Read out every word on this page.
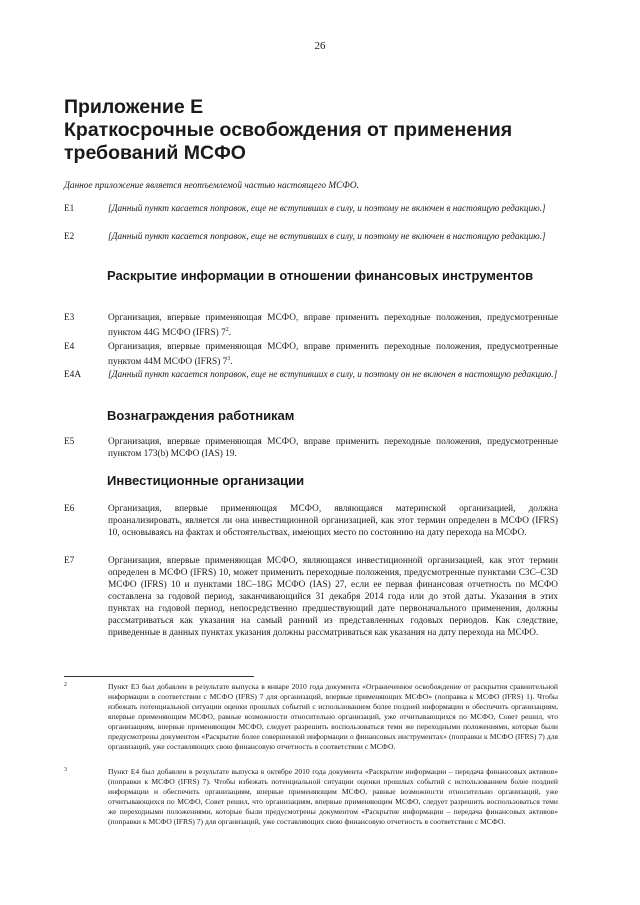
26
Приложение Е
Краткосрочные освобождения от применения
требований МСФО
Данное приложение является неотъемлемой частью настоящего МСФО.
E1	[Данный пункт касается поправок, еще не вступивших в силу, и поэтому не включен в настоящую редакцию.]
E2	[Данный пункт касается поправок, еще не вступивших в силу, и поэтому не включен в настоящую редакцию.]
Раскрытие информации в отношении финансовых инструментов
E3	Организация, впервые применяющая МСФО, вправе применить переходные положения, предусмотренные пунктом 44G МСФО (IFRS) $7^2$.
E4	Организация, впервые применяющая МСФО, вправе применить переходные положения, предусмотренные пунктом 44M МСФО (IFRS) $7^3$.
E4A	[Данный пункт касается поправок, еще не вступивших в силу, и поэтому он не включен в настоящую редакцию.]
Вознаграждения работникам
E5	Организация, впервые применяющая МСФО, вправе применить переходные положения, предусмотренные пунктом 173(b) МСФО (IAS) 19.
Инвестиционные организации
E6	Организация, впервые применяющая МСФО, являющаяся материнской организацией, должна проанализировать, является ли она инвестиционной организацией, как этот термин определен в МСФО (IFRS) 10, основываясь на фактах и обстоятельствах, имеющих место по состоянию на дату перехода на МСФО.
E7	Организация, впервые применяющая МСФО, являющаяся инвестиционной организацией, как этот термин определен в МСФО (IFRS) 10, может применить переходные положения, предусмотренные пунктами C3C–C3D МСФО (IFRS) 10 и пунктами 18C–18G МСФО (IAS) 27, если ее первая финансовая отчетность по МСФО составлена за годовой период, заканчивающийся 31 декабря 2014 года или до этой даты. Указания в этих пунктах на годовой период, непосредственно предшествующий дате первоначального применения, должны рассматриваться как указания на самый ранний из представленных годовых периодов. Как следствие, приведенные в данных пунктах указания должны рассматриваться как указания на дату перехода на МСФО.
2	Пункт E3 был добавлен в результате выпуска в январе 2010 года документа «Ограниченное освобождение от раскрытия сравнительной информации в соответствии с МСФО (IFRS) 7 для организаций, впервые применяющих МСФО» (поправка к МСФО (IFRS) 1). Чтобы избежать потенциальной ситуации оценки прошлых событий с использованием более поздней информации и обеспечить организациям, впервые применяющим МСФО, равные возможности относительно организаций, уже отчитывающихся по МСФО, Совет решил, что организациям, впервые применяющим МСФО, следует разрешить воспользоваться теми же переходными положениями, которые были предусмотрены документом «Раскрытие более совершенной информации о финансовых инструментах» (поправки к МСФО (IFRS) 7) для организаций, уже составляющих свою финансовую отчетность в соответствии с МСФО.
3	Пункт E4 был добавлен в результате выпуска в октябре 2010 года документа «Раскрытие информации – передача финансовых активов» (поправки к МСФО (IFRS) 7). Чтобы избежать потенциальной ситуации оценки прошлых событий с использованием более поздней информации и обеспечить организациям, впервые применяющим МСФО, равные возможности относительно организаций, уже отчитывающихся по МСФО, Совет решил, что организациям, впервые применяющим МСФО, следует разрешить воспользоваться теми же переходными положениями, которые были предусмотрены документом «Раскрытие информации – передача финансовых активов» (поправки к МСФО (IFRS) 7) для организаций, уже составляющих свою финансовую отчетность в соответствии с МСФО.
